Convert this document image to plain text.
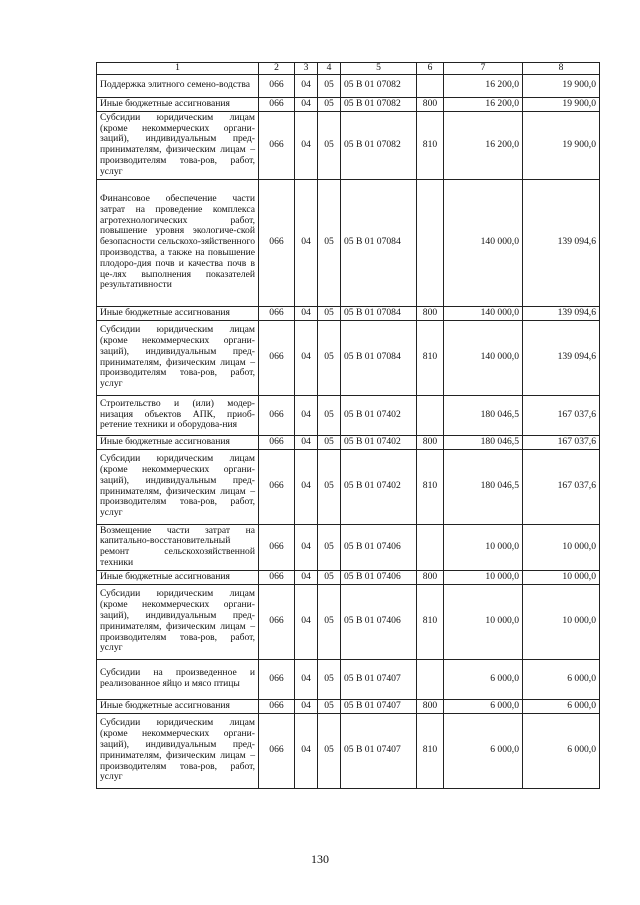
1	2	3	4	5	6	7	8
Поддержка элитного семено-водства	066	04	05	05 В 01 07082		16 200,0	19 900,0
Иные бюджетные ассигнования	066	04	05	05 В 01 07082	800	16 200,0	19 900,0
Субсидии юридическим лицам (кроме некоммерческих органи-заций), индивидуальным пред-принимателям, физическим лицам – производителям това-ров, работ, услуг	066	04	05	05 В 01 07082	810	16 200,0	19 900,0
Финансовое обеспечение части затрат на проведение комплекса агротехнологических работ, повышение уровня экологиче-ской безопасности сельскохо-зяйственного производства, а также на повышение плодоро-дия почв и качества почв в це-лях выполнения показателей результативности	066	04	05	05 В 01 07084		140 000,0	139 094,6
Иные бюджетные ассигнования	066	04	05	05 В 01 07084	800	140 000,0	139 094,6
Субсидии юридическим лицам (кроме некоммерческих органи-заций), индивидуальным пред-принимателям, физическим лицам – производителям това-ров, работ, услуг	066	04	05	05 В 01 07084	810	140 000,0	139 094,6
Строительство и (или) модер-низация объектов АПК, приоб-ретение техники и оборудова-ния	066	04	05	05 В 01 07402		180 046,5	167 037,6
Иные бюджетные ассигнования	066	04	05	05 В 01 07402	800	180 046,5	167 037,6
Субсидии юридическим лицам (кроме некоммерческих органи-заций), индивидуальным пред-принимателям, физическим лицам – производителям това-ров, работ, услуг	066	04	05	05 В 01 07402	810	180 046,5	167 037,6
Возмещение части затрат на капитально-восстановительный ремонт сельскохозяйственной техники	066	04	05	05 В 01 07406		10 000,0	10 000,0
Иные бюджетные ассигнования	066	04	05	05 В 01 07406	800	10 000,0	10 000,0
Субсидии юридическим лицам (кроме некоммерческих органи-заций), индивидуальным пред-принимателям, физическим лицам – производителям това-ров, работ, услуг	066	04	05	05 В 01 07406	810	10 000,0	10 000,0
Субсидии на произведенное и реализованное яйцо и мясо птицы	066	04	05	05 В 01 07407		6 000,0	6 000,0
Иные бюджетные ассигнования	066	04	05	05 В 01 07407	800	6 000,0	6 000,0
Субсидии юридическим лицам (кроме некоммерческих органи-заций), индивидуальным пред-принимателям, физическим лицам – производителям това-ров, работ, услуг	066	04	05	05 В 01 07407	810	6 000,0	6 000,0
130
